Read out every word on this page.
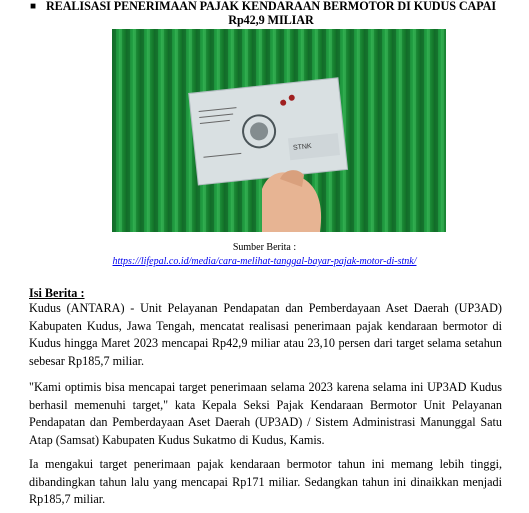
■ REALISASI PENERIMAAN PAJAK KENDARAAN BERMOTOR DI KUDUS CAPAI Rp42,9 MILIAR
STNK
Sumber Berita :
https://lifepal.co.id/media/cara-melihat-tanggal-bayar-pajak-motor-di-stnk/
Isi Berita :
Kudus (ANTARA) - Unit Pelayanan Pendapatan dan Pemberdayaan Aset Daerah (UP3AD) Kabupaten Kudus, Jawa Tengah, mencatat realisasi penerimaan pajak kendaraan bermotor di Kudus hingga Maret 2023 mencapai Rp42,9 miliar atau 23,10 persen dari target selama setahun sebesar Rp185,7 miliar.
"Kami optimis bisa mencapai target penerimaan selama 2023 karena selama ini UP3AD Kudus berhasil memenuhi target," kata Kepala Seksi Pajak Kendaraan Bermotor Unit Pelayanan Pendapatan dan Pemberdayaan Aset Daerah (UP3AD) / Sistem Administrasi Manunggal Satu Atap (Samsat) Kabupaten Kudus Sukatmo di Kudus, Kamis.
Ia mengakui target penerimaan pajak kendaraan bermotor tahun ini memang lebih tinggi, dibandingkan tahun lalu yang mencapai Rp171 miliar. Sedangkan tahun ini dinaikkan menjadi Rp185,7 miliar.
